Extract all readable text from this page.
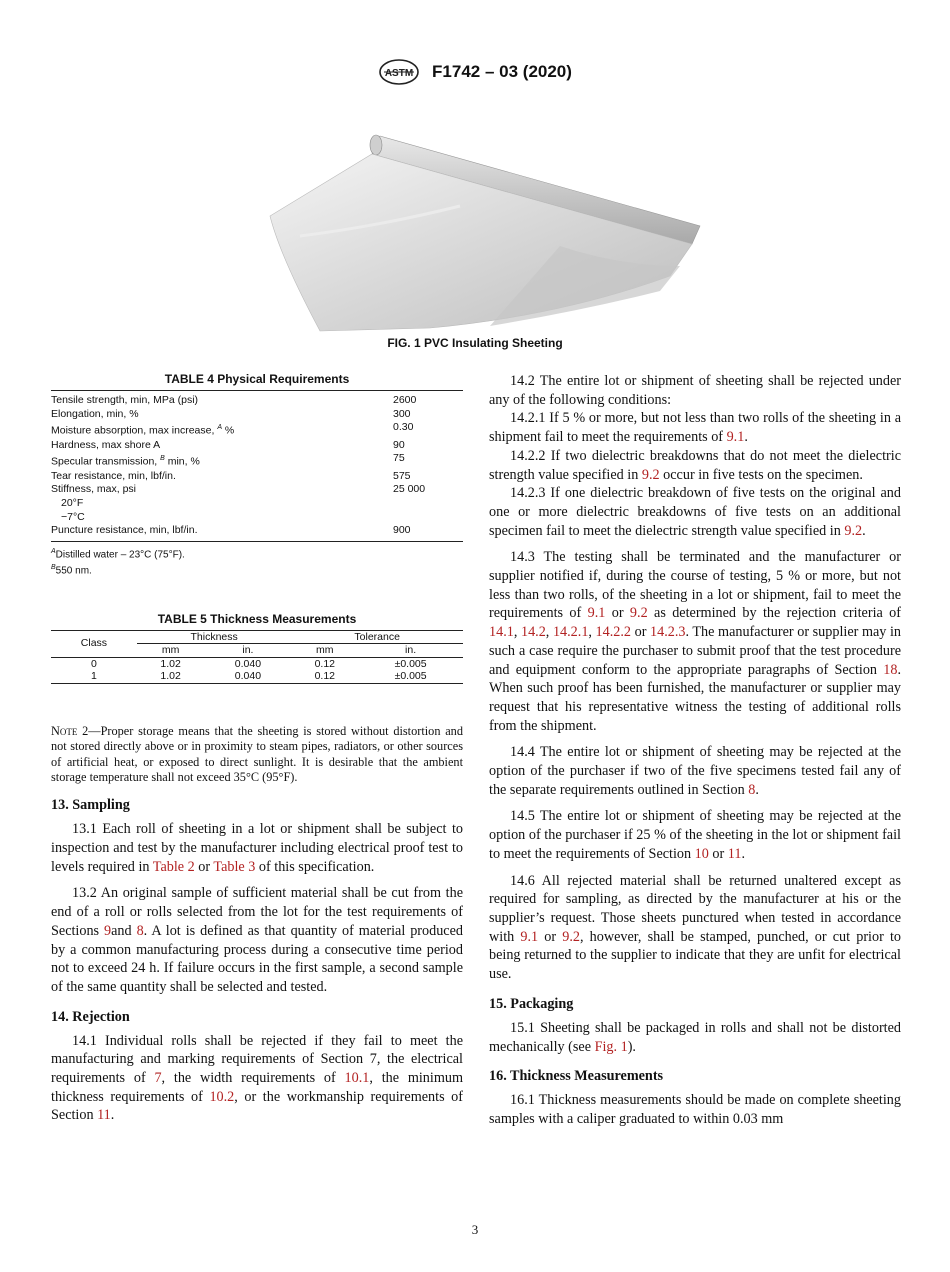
ASTM F1742 – 03 (2020)
FIG. 1 PVC Insulating Sheeting
TABLE 4 Physical Requirements
Tensile strength, min, MPa (psi)	2600
Elongation, min, %	300
Moisture absorption, max increase, $^A$ %	0.30
Hardness, max shore A	90
Specular transmission, $^B$ min, %	75
Tear resistance, min, lbf/in.	575
Stiffness, max, psi	25 000
20°F	
−7°C	
Puncture resistance, min, lbf/in.	900
$^A$Distilled water – 23°C (75°F).
$^B$550 nm.
TABLE 5 Thickness Measurements
Class	Thickness		Tolerance	
	mm	in.	mm	in.
0	1.02	0.040	0.12	±0.005
1	1.02	0.040	0.12	±0.005
Note 2—Proper storage means that the sheeting is stored without distortion and not stored directly above or in proximity to steam pipes, radiators, or other sources of artificial heat, or exposed to direct sunlight. It is desirable that the ambient storage temperature shall not exceed 35°C (95°F).
13. Sampling

13.1 Each roll of sheeting in a lot or shipment shall be subject to inspection and test by the manufacturer including electrical proof test to levels required in Table 2 or Table 3 of this specification.

13.2 An original sample of sufficient material shall be cut from the end of a roll or rolls selected from the lot for the test requirements of Sections 9and 8. A lot is defined as that quantity of material produced by a common manufacturing process during a consecutive time period not to exceed 24 h. If failure occurs in the first sample, a second sample of the same quantity shall be selected and tested.

14. Rejection

14.1 Individual rolls shall be rejected if they fail to meet the manufacturing and marking requirements of Section 7, the electrical requirements of 7, the width requirements of 10.1, the minimum thickness requirements of 10.2, or the workmanship requirements of Section 11.

14.2 The entire lot or shipment of sheeting shall be rejected under any of the following conditions:

14.2.1 If 5 % or more, but not less than two rolls of the sheeting in a shipment fail to meet the requirements of 9.1.

14.2.2 If two dielectric breakdowns that do not meet the dielectric strength value specified in 9.2 occur in five tests on the specimen.

14.2.3 If one dielectric breakdown of five tests on the original and one or more dielectric breakdowns of five tests on an additional specimen fail to meet the dielectric strength value specified in 9.2.

14.3 The testing shall be terminated and the manufacturer or supplier notified if, during the course of testing, 5 % or more, but not less than two rolls, of the sheeting in a lot or shipment, fail to meet the requirements of 9.1 or 9.2 as determined by the rejection criteria of 14.1, 14.2, 14.2.1, 14.2.2 or 14.2.3. The manufacturer or supplier may in such a case require the purchaser to submit proof that the test procedure and equipment conform to the appropriate paragraphs of Section 18. When such proof has been furnished, the manufacturer or supplier may request that his representative witness the testing of additional rolls from the shipment.

14.4 The entire lot or shipment of sheeting may be rejected at the option of the purchaser if two of the five specimens tested fail any of the separate requirements outlined in Section 8.

14.5 The entire lot or shipment of sheeting may be rejected at the option of the purchaser if 25 % of the sheeting in the lot or shipment fail to meet the requirements of Section 10 or 11.

14.6 All rejected material shall be returned unaltered except as required for sampling, as directed by the manufacturer at his or the supplier’s request. Those sheets punctured when tested in accordance with 9.1 or 9.2, however, shall be stamped, punched, or cut prior to being returned to the supplier to indicate that they are unfit for electrical use.

15. Packaging

15.1 Sheeting shall be packaged in rolls and shall not be distorted mechanically (see Fig. 1).

16. Thickness Measurements

16.1 Thickness measurements should be made on complete sheeting samples with a caliper graduated to within 0.03 mm

3
